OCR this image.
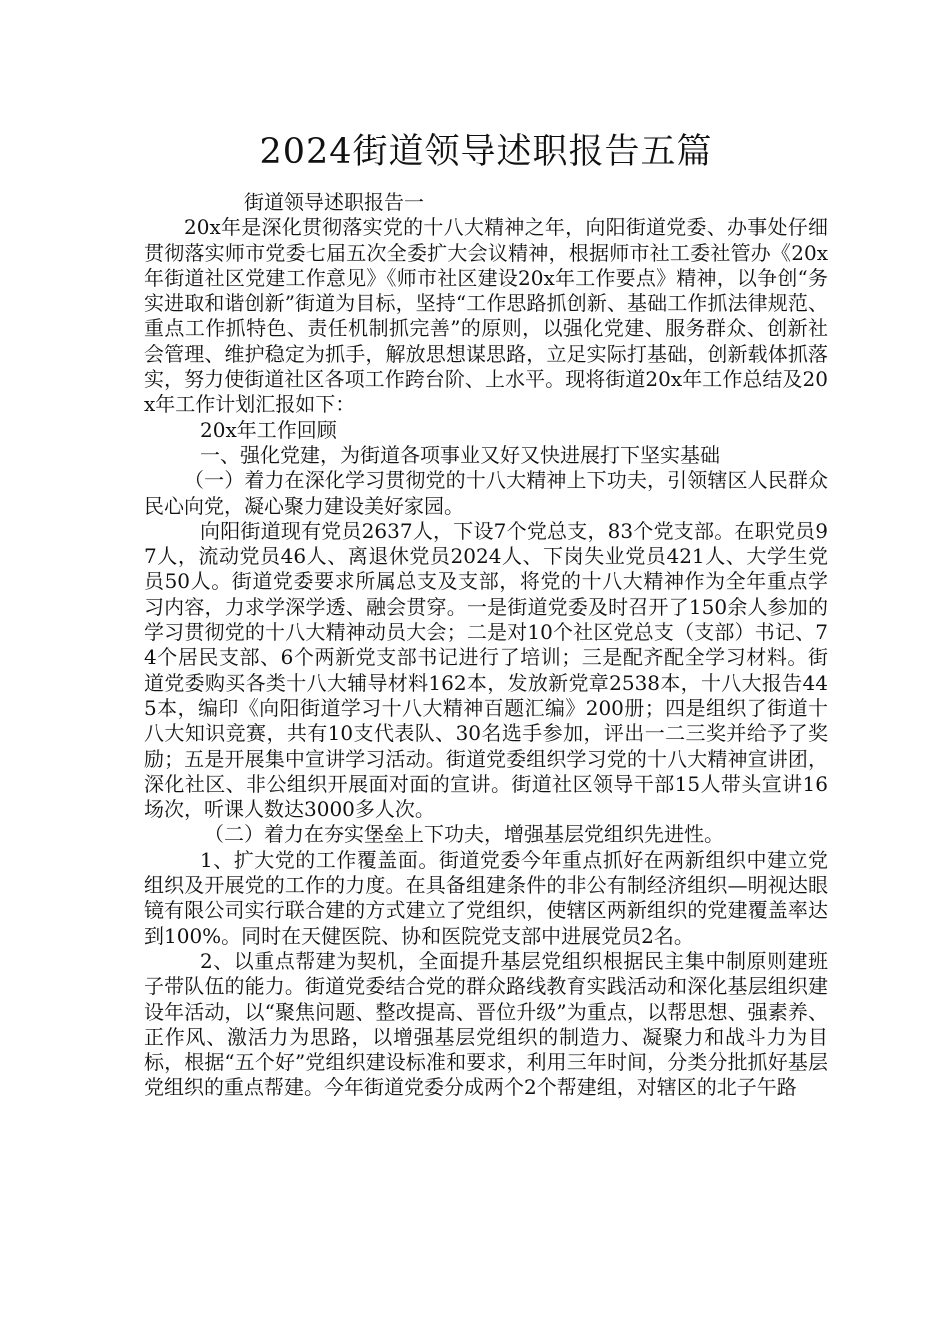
2024街道领导述职报告五篇

街道领导述职报告一

20x年是深化贯彻落实党的十八大精神之年，向阳街道党委、办事处仔细贯彻落实师市党委七届五次全委扩大会议精神，根据师市社工委社管办《20x年街道社区党建工作意见》《师市社区建设20x年工作要点》精神，以争创“务实进取和谐创新”街道为目标，坚持“工作思路抓创新、基础工作抓法律规范、重点工作抓特色、责任机制抓完善”的原则，以强化党建、服务群众、创新社会管理、维护稳定为抓手，解放思想谋思路，立足实际打基础，创新载体抓落实，努力使街道社区各项工作跨台阶、上水平。现将街道20x年工作总结及20x年工作计划汇报如下：

20x年工作回顾

一、强化党建，为街道各项事业又好又快进展打下坚实基础

（一）着力在深化学习贯彻党的十八大精神上下功夫，引领辖区人民群众民心向党，凝心聚力建设美好家园。

向阳街道现有党员2637人，下设7个党总支，83个党支部。在职党员97人，流动党员46人、离退休党员2024人、下岗失业党员421人、大学生党员50人。街道党委要求所属总支及支部，将党的十八大精神作为全年重点学习内容，力求学深学透、融会贯穿。一是街道党委及时召开了150余人参加的学习贯彻党的十八大精神动员大会；二是对10个社区党总支（支部）书记、74个居民支部、6个两新党支部书记进行了培训；三是配齐配全学习材料。街道党委购买各类十八大辅导材料162本，发放新党章2538本，十八大报告445本，编印《向阳街道学习十八大精神百题汇编》200册；四是组织了街道十八大知识竞赛，共有10支代表队、30名选手参加，评出一二三奖并给予了奖励；五是开展集中宣讲学习活动。街道党委组织学习党的十八大精神宣讲团，深化社区、非公组织开展面对面的宣讲。街道社区领导干部15人带头宣讲16场次，听课人数达3000多人次。

（二）着力在夯实堡垒上下功夫，增强基层党组织先进性。

1、扩大党的工作覆盖面。街道党委今年重点抓好在两新组织中建立党组织及开展党的工作的力度。在具备组建条件的非公有制经济组织—明视达眼镜有限公司实行联合建的方式建立了党组织，使辖区两新组织的党建覆盖率达到100%。同时在天健医院、协和医院党支部中进展党员2名。

2、以重点帮建为契机，全面提升基层党组织根据民主集中制原则建班子带队伍的能力。街道党委结合党的群众路线教育实践活动和深化基层组织建设年活动，以“聚焦问题、整改提高、晋位升级”为重点，以帮思想、强素养、正作风、激活力为思路，以增强基层党组织的制造力、凝聚力和战斗力为目标，根据“五个好”党组织建设标准和要求，利用三年时间，分类分批抓好基层党组织的重点帮建。今年街道党委分成两个2个帮建组，对辖区的北子午路
